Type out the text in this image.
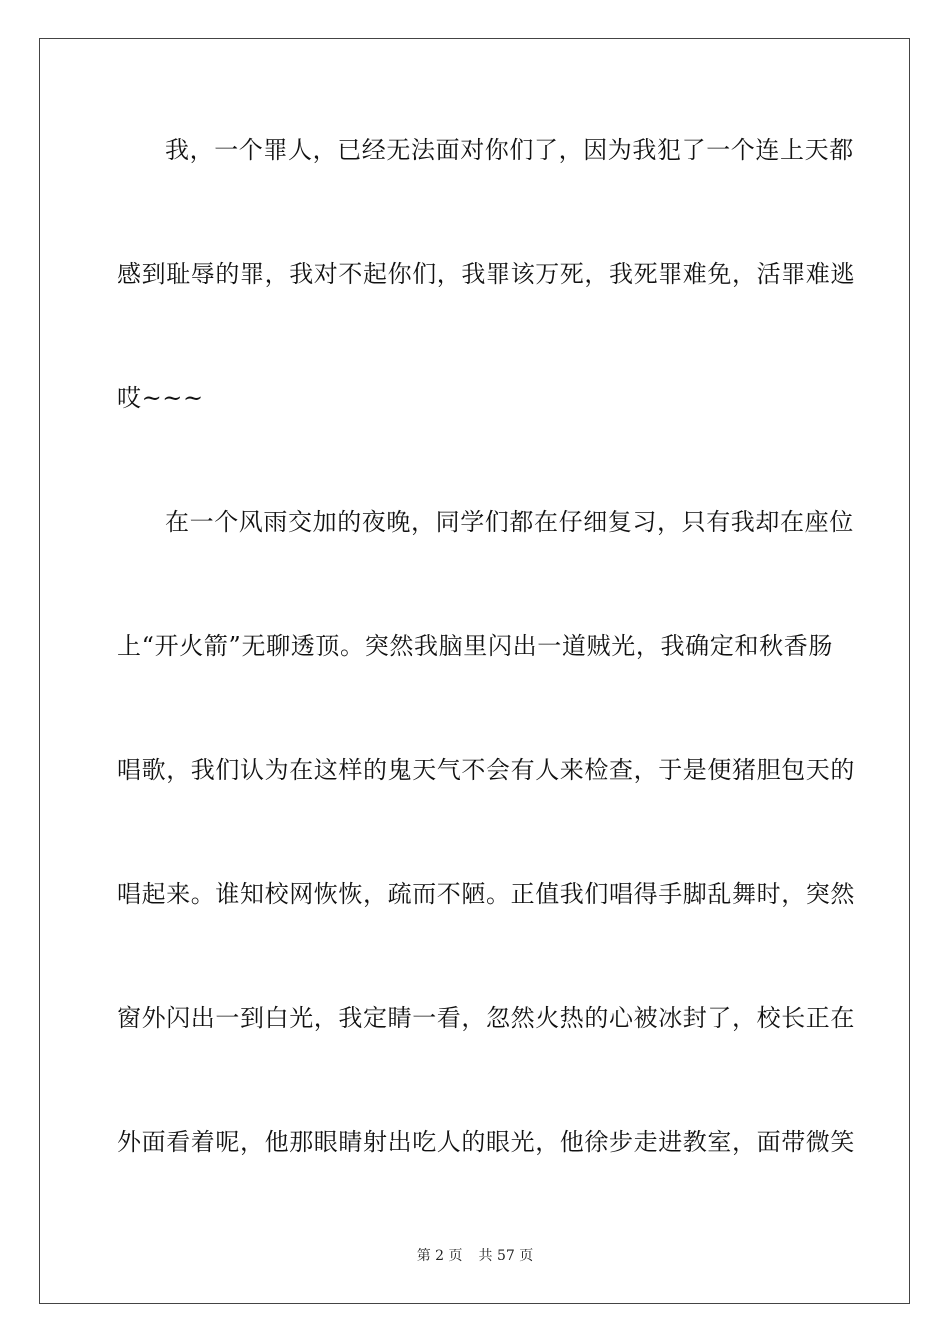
我，一个罪人，已经无法面对你们了，因为我犯了一个连上天都
感到耻辱的罪，我对不起你们，我罪该万死，我死罪难免，活罪难逃
哎~~~
在一个风雨交加的夜晚，同学们都在仔细复习，只有我却在座位
上“开火箭”无聊透顶。突然我脑里闪出一道贼光，我确定和秋香肠
唱歌，我们认为在这样的鬼天气不会有人来检查，于是便猪胆包天的
唱起来。谁知校网恢恢，疏而不陋。正值我们唱得手脚乱舞时，突然
窗外闪出一到白光，我定睛一看，忽然火热的心被冰封了，校长正在
外面看着呢，他那眼睛射出吃人的眼光，他徐步走进教室，面带微笑
第 2 页 共 57 页
